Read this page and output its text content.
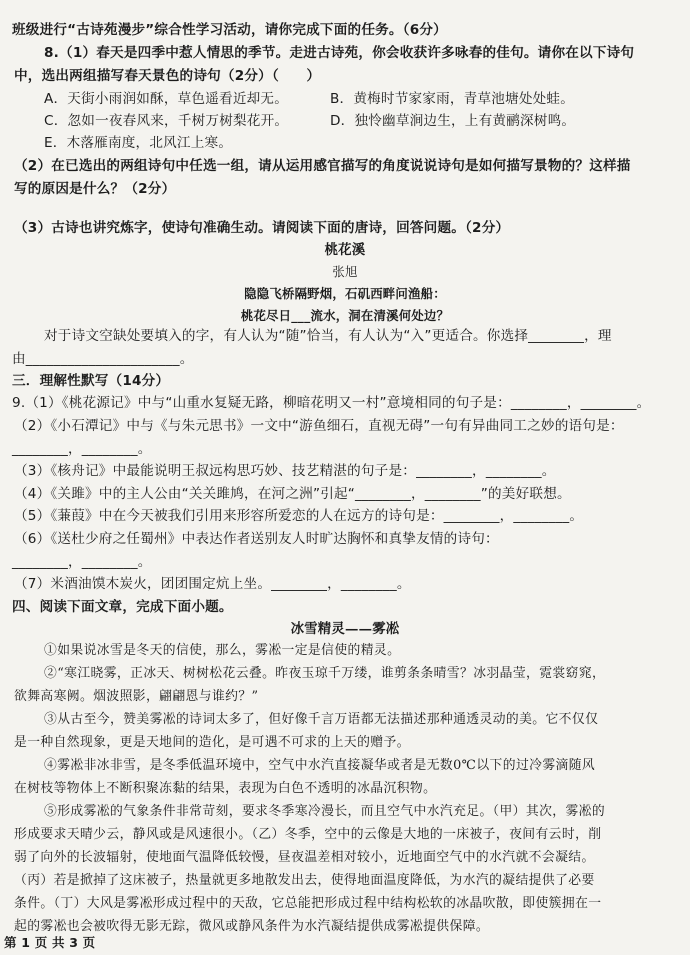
班级进行“古诗苑漫步”综合性学习活动，请你完成下面的任务。（6分）
8.（1）春天是四季中惹人情思的季节。走进古诗苑，你会收获许多咏春的佳句。请你在以下诗句
中，选出两组描写春天景色的诗句（2分）（　　）
A．天街小雨润如酥，草色遥看近却无。	B．黄梅时节家家雨，青草池塘处处蛙。
C．忽如一夜春风来，千树万树梨花开。	D．独怜幽草涧边生，上有黄鹂深树鸣。
E．木落雁南度，北风江上寒。
（2）在已选出的两组诗句中任选一组，请从运用感官描写的角度说说诗句是如何描写景物的？这样描
写的原因是什么？（2分）
（3）古诗也讲究炼字，使诗句准确生动。请阅读下面的唐诗，回答问题。（2分）
桃花溪
张旭
隐隐飞桥隔野烟，石矶西畔问渔船：
桃花尽日___流水，洞在清溪何处边？
对于诗文空缺处要填入的字，有人认为“随”恰当，有人认为“入”更适合。你选择________，理
由______________________。
三．理解性默写（14分）
9.（1）《桃花源记》中与“山重水复疑无路，柳暗花明又一村”意境相同的句子是：________，________。
（2）《小石潭记》中与《与朱元思书》一文中“游鱼细石，直视无碍”一句有异曲同工之妙的语句是：
________，________。
（3）《核舟记》中最能说明王叔远构思巧妙、技艺精湛的句子是：________，________。
（4）《关雎》中的主人公由“关关雎鸠，在河之洲”引起“________，________”的美好联想。
（5）《蒹葭》中在今天被我们引用来形容所爱恋的人在远方的诗句是：________，________。
（6）《送杜少府之任蜀州》中表达作者送别友人时旷达胸怀和真挚友情的诗句：
________，________。
（7）米酒油馍木炭火，团团围定炕上坐。________，________。
四、阅读下面文章，完成下面小题。
冰雪精灵——雾凇
①如果说冰雪是冬天的信使，那么，雾凇一定是信使的精灵。
②“寒江晓雾，正冰天、树树松花云叠。昨夜玉琼千万缕，谁剪条条晴雪？冰羽晶莹，霓裳窈窕，
欲舞高寒阙。烟波照影，翩翩恩与谁约？”
③从古至今，赞美雾凇的诗词太多了，但好像千言万语都无法描述那种通透灵动的美。它不仅仅
是一种自然现象，更是天地间的造化，是可遇不可求的上天的赠予。
④雾凇非冰非雪，是冬季低温环境中，空气中水汽直接凝华或者是无数0℃以下的过冷雾滴随风
在树枝等物体上不断积聚冻黏的结果，表现为白色不透明的冰晶沉积物。
⑤形成雾凇的气象条件非常苛刻，要求冬季寒冷漫长，而且空气中水汽充足。（甲）其次，雾凇的
形成要求天晴少云，静风或是风速很小。（乙）冬季，空中的云像是大地的一床被子，夜间有云时，削
弱了向外的长波辐射，使地面气温降低较慢，昼夜温差相对较小，近地面空气中的水汽就不会凝结。
（丙）若是掀掉了这床被子，热量就更多地散发出去，使得地面温度降低，为水汽的凝结提供了必要
条件。（丁）大风是雾凇形成过程中的天敌，它总能把形成过程中结构松软的冰晶吹散，即使簇拥在一
起的雾凇也会被吹得无影无踪，微风或静风条件为水汽凝结提供成雾凇提供保障。
第 1 页 共 3 页
